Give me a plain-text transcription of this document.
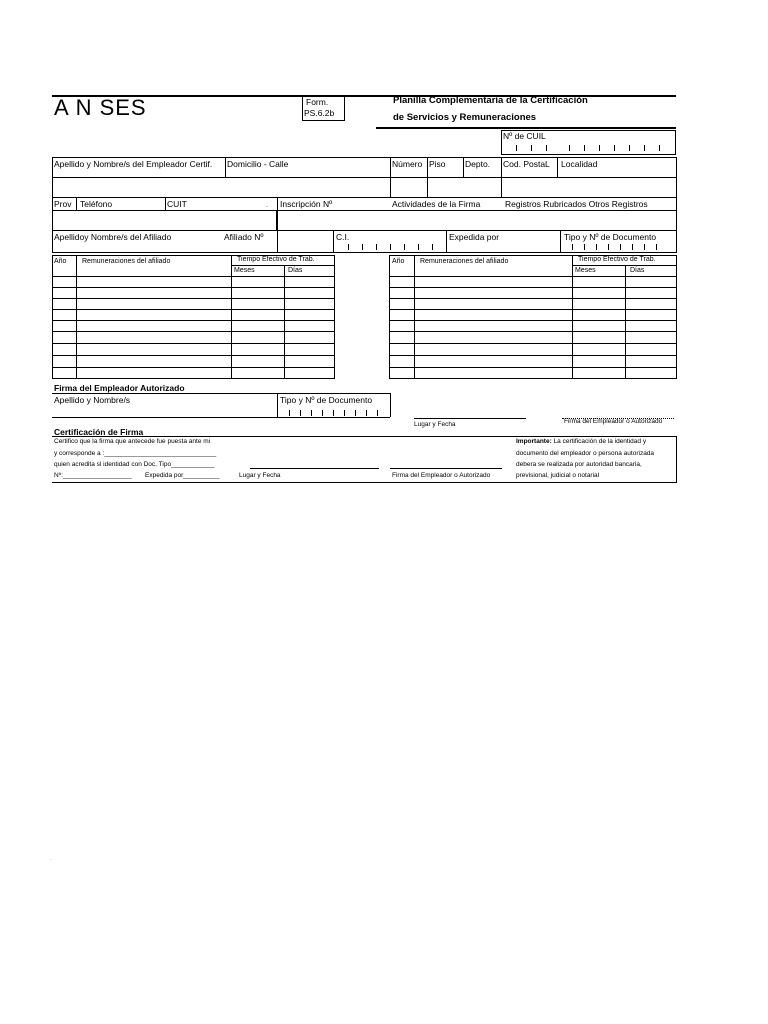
A N SES	Form.
PS.6.2b
Planilla Complementaria de la Certificación
de Servicios y Remuneraciones
Nº de CUIL
Apellido y Nombre/s del Empleador Certif. Domicilio - Calle	Número Piso Depto. Cod. PostaL Localidad
Prov Teléfono	CUIT	. Inscripción Nº	Actividades de la Firma	Registros Rubricados Otros Registros
Apellidoy Nombre/s del Afiliado	Afiliado Nº	C.I.	Expedida por	Tipo y Nº de Documento
Año Remuneraciones del afiliado	Tiempo Efectivo de Trab.
Meses	Días
Año Remuneraciones del afiliado	Tiempo Efectivo de Trab.
Meses	Días
Firma del Empleador Autorizado
Apellido y Nombre/s	Tipo y Nº de Documento
Lugar y Fecha	Firma del Empleador o Autorizado
Certificación de Firma
Certifico que la firma que antecede fue puesta ante mi
y corresponde a :_______________________________
quien acredita sl identidad con Doc. Tipo____________
Nº:___________________ Expedida por__________	Lugar y Fecha	Firma del Empleador o Autorizado
Importante: La certificación de la identidad y
documento del empleador o persona autorizada
debera se realizada por autoridad bancaria,
previsional, judicial o notarial
.
